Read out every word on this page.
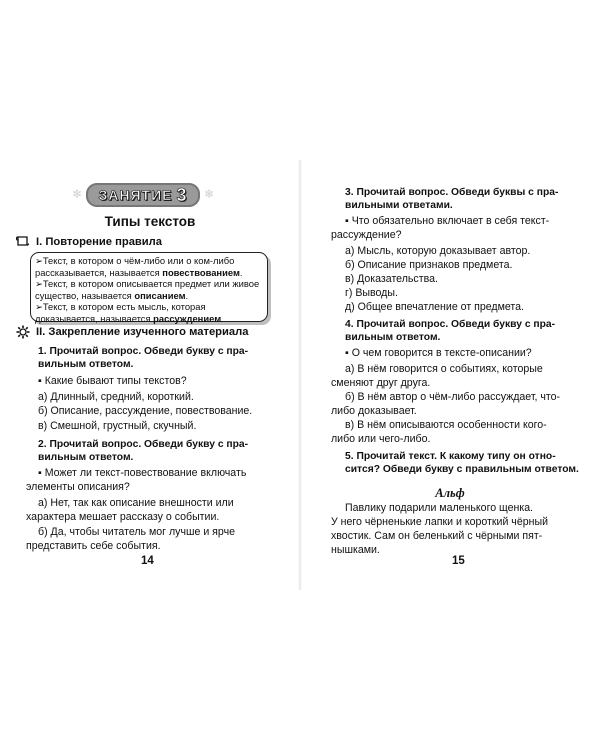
❄ ЗАНЯТИЕ 3 ❄
Типы текстов
I. Повторение правила

➢Текст, в котором о чём-либо или о ком-либо рассказывается, называется повествованием.

➢Текст, в котором описывается предмет или живое существо, называется описанием.

➢Текст, в котором есть мысль, которая доказывается, называется рассуждением.

II. Закрепление изученного материала
1. Прочитай вопрос. Обведи букву с пра-
вильным ответом.
▪ Какие бывают типы текстов?
а) Длинный, средний, короткий.
б) Описание, рассуждение, повествование.
в) Смешной, грустный, скучный.
2. Прочитай вопрос. Обведи букву с пра-
вильным ответом.
▪ Может ли текст-повествование включать
элементы описания?
а) Нет, так как описание внешности или
характера мешает рассказу о событии.
б) Да, чтобы читатель мог лучше и ярче
представить себе события.
14
3. Прочитай вопрос. Обведи буквы с пра-
вильными ответами.
▪ Что обязательно включает в себя текст-
рассуждение?
а) Мысль, которую доказывает автор.
б) Описание признаков предмета.
в) Доказательства.
г) Выводы.
д) Общее впечатление от предмета.
4. Прочитай вопрос. Обведи букву с пра-
вильным ответом.
▪ О чем говорится в тексте-описании?
а) В нём говорится о событиях, которые
сменяют друг друга.
б) В нём автор о чём-либо рассуждает, что-
либо доказывает.
в) В нём описываются особенности кого-
либо или чего-либо.
5. Прочитай текст. К какому типу он отно-
сится? Обведи букву с правильным ответом.
Альф
Павлику подарили маленького щенка.
У него чёрненькие лапки и короткий чёрный
хвостик. Сам он беленький с чёрными пят-
нышками.
15
